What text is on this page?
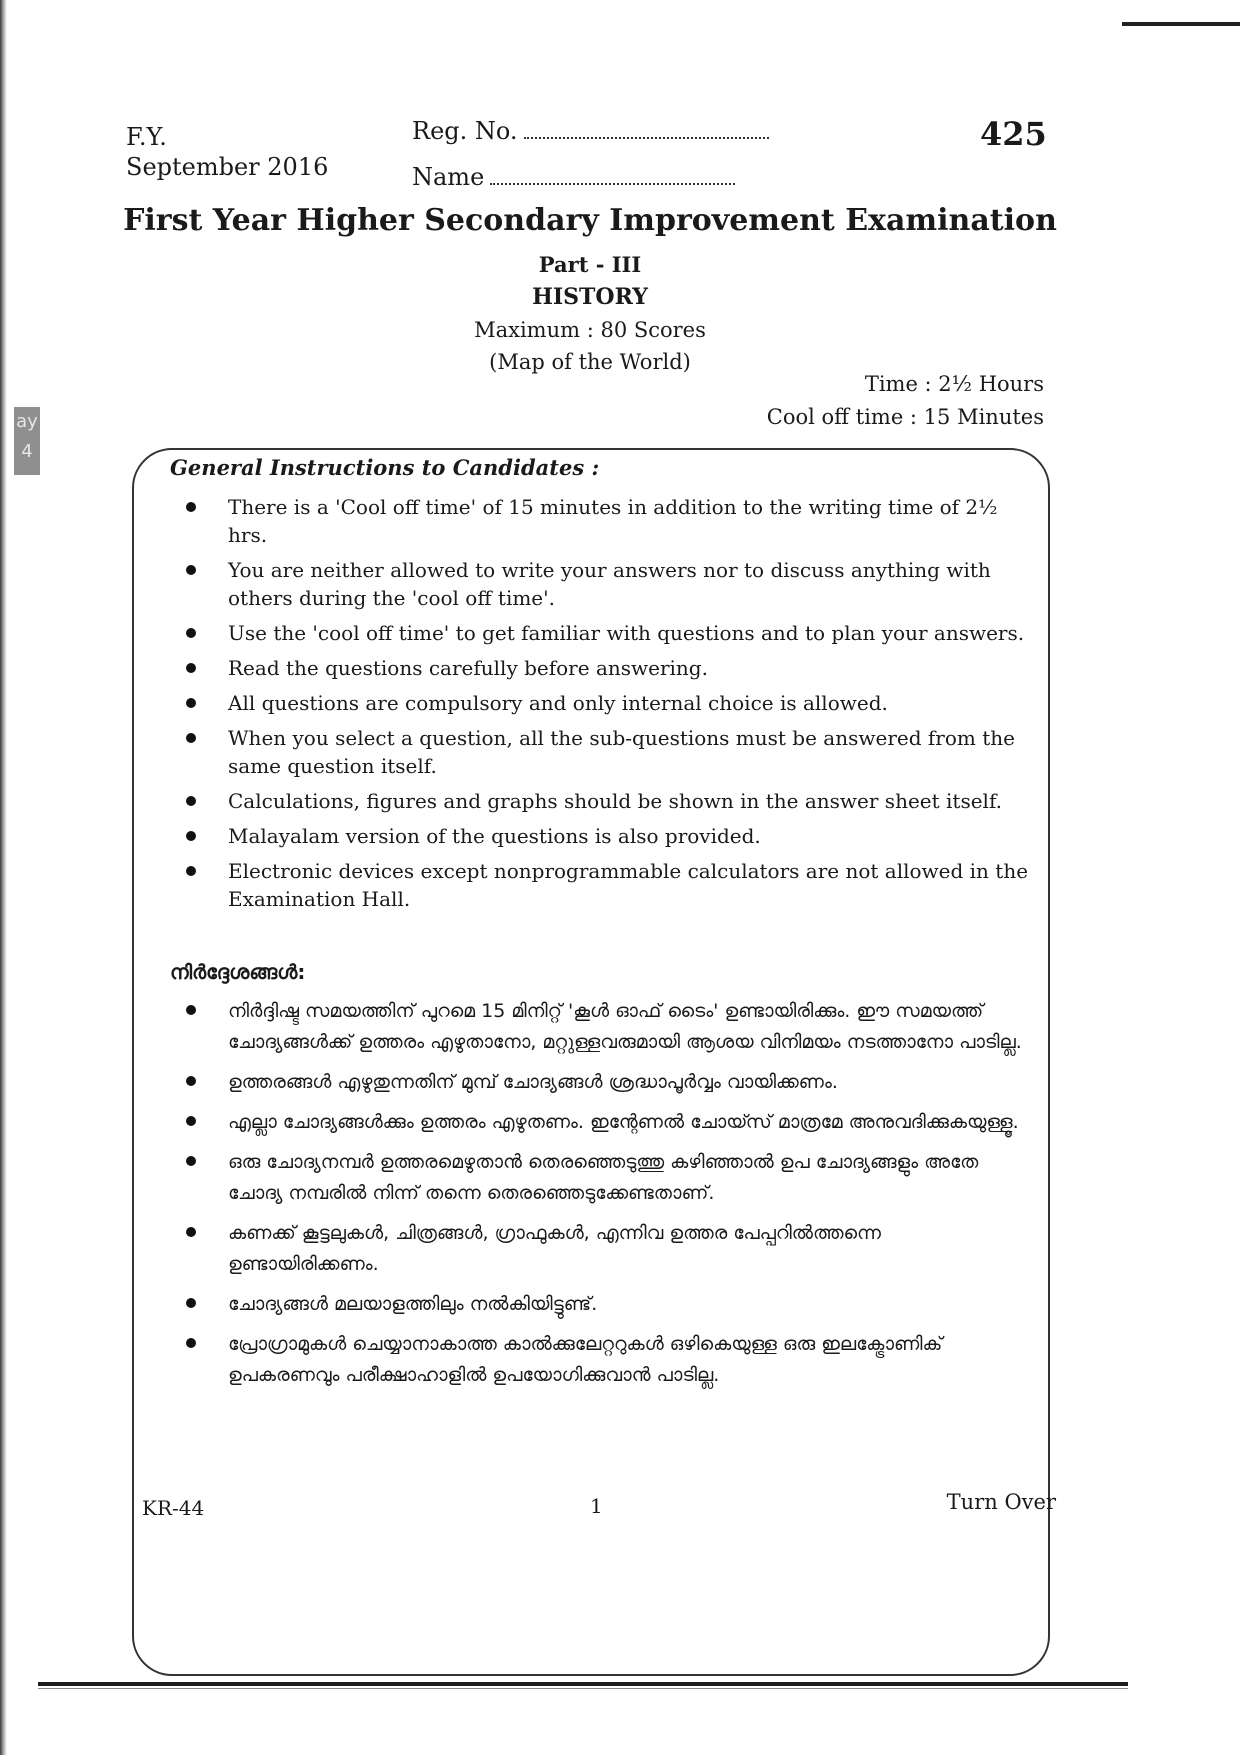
ay 4
F.Y.
September 2016
Reg. No.
Name
425
First Year Higher Secondary Improvement Examination
Part - III
HISTORY
Maximum : 80 Scores
(Map of the World)
Time : 2½ Hours
Cool off time : 15 Minutes
General Instructions to Candidates :
There is a 'Cool off time' of 15 minutes in addition to the writing time of 2½ hrs.
You are neither allowed to write your answers nor to discuss anything with others during the 'cool off time'.
Use the 'cool off time' to get familiar with questions and to plan your answers.
Read the questions carefully before answering.
All questions are compulsory and only internal choice is allowed.
When you select a question, all the sub-questions must be answered from the same question itself.
Calculations, figures and graphs should be shown in the answer sheet itself.
Malayalam version of the questions is also provided.
Electronic devices except nonprogrammable calculators are not allowed in the Examination Hall.
നിർദ്ദേശങ്ങൾ:
നിർദ്ദിഷ്ട സമയത്തിന് പുറമെ 15 മിനിറ്റ് 'കൂൾ ഓഫ് ടൈം' ഉണ്ടായിരിക്കും. ഈ സമയത്ത് ചോദ്യങ്ങൾക്ക് ഉത്തരം എഴുതാനോ, മറ്റുള്ളവരുമായി ആശയ വിനിമയം നടത്താനോ പാടില്ല.
ഉത്തരങ്ങൾ എഴുതുന്നതിന് മുമ്പ് ചോദ്യങ്ങൾ ശ്രദ്ധാപൂർവ്വം വായിക്കണം.
എല്ലാ ചോദ്യങ്ങൾക്കും ഉത്തരം എഴുതണം. ഇന്റേണൽ ചോയ്സ് മാത്രമേ അനുവദിക്കുകയുള്ളൂ.
ഒരു ചോദ്യനമ്പർ ഉത്തരമെഴുതാൻ തെരഞ്ഞെടുത്തു കഴിഞ്ഞാൽ ഉപ ചോദ്യങ്ങളും അതേ ചോദ്യ നമ്പരിൽ നിന്ന് തന്നെ തെരഞ്ഞെടുക്കേണ്ടതാണ്.
കണക്ക് കൂട്ടലുകൾ, ചിത്രങ്ങൾ, ഗ്രാഫുകൾ, എന്നിവ ഉത്തര പേപ്പറിൽത്തന്നെ ഉണ്ടായിരിക്കണം.
ചോദ്യങ്ങൾ മലയാളത്തിലും നൽകിയിട്ടുണ്ട്.
പ്രോഗ്രാമുകൾ ചെയ്യാനാകാത്ത കാൽക്കുലേറ്ററുകൾ ഒഴികെയുള്ള ഒരു ഇലക്ട്രോണിക് ഉപകരണവും പരീക്ഷാഹാളിൽ ഉപയോഗിക്കുവാൻ പാടില്ല.
KR-44	1	Turn Over
